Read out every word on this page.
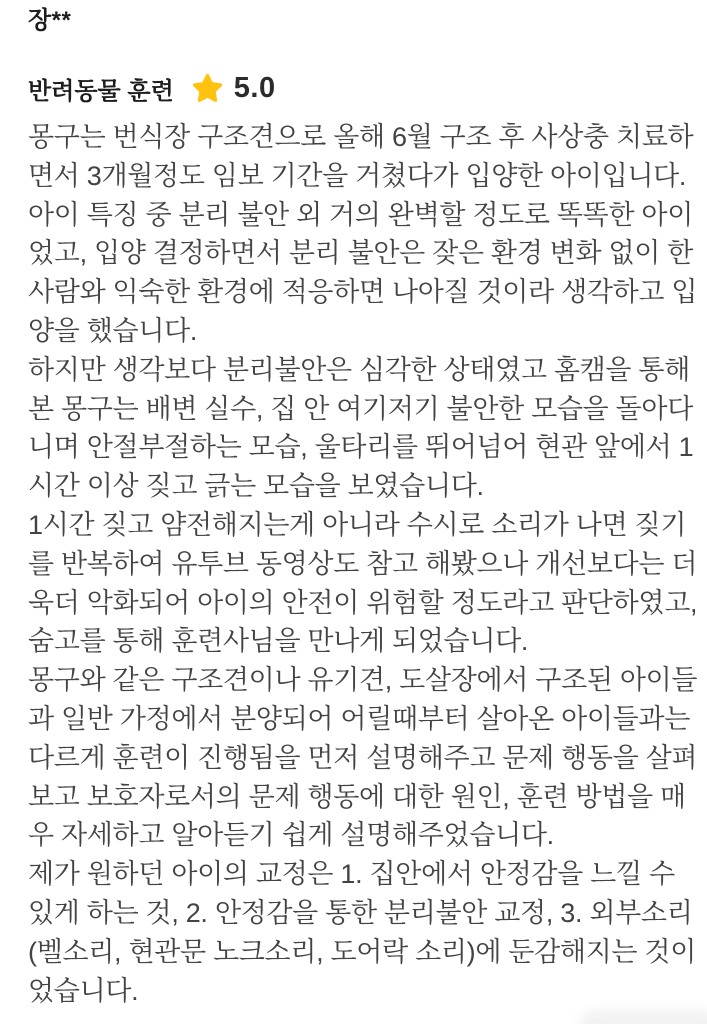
장**
반려동물 훈련 5.0
몽구는 번식장 구조견으로 올해 6월 구조 후 사상충 치료하
면서 3개월정도 임보 기간을 거쳤다가 입양한 아이입니다.
아이 특징 중 분리 불안 외 거의 완벽할 정도로 똑똑한 아이
었고, 입양 결정하면서 분리 불안은 잦은 환경 변화 없이 한
사람와 익숙한 환경에 적응하면 나아질 것이라 생각하고 입
양을 했습니다.
하지만 생각보다 분리불안은 심각한 상태였고 홈캠을 통해
본 몽구는 배변 실수, 집 안 여기저기 불안한 모습을 돌아다
니며 안절부절하는 모습, 울타리를 뛰어넘어 현관 앞에서 1
시간 이상 짖고 긁는 모습을 보였습니다.
1시간 짖고 얌전해지는게 아니라 수시로 소리가 나면 짖기
를 반복하여 유투브 동영상도 참고 해봤으나 개선보다는 더
욱더 악화되어 아이의 안전이 위험할 정도라고 판단하였고,
숨고를 통해 훈련사님을 만나게 되었습니다.
몽구와 같은 구조견이나 유기견, 도살장에서 구조된 아이들
과 일반 가정에서 분양되어 어릴때부터 살아온 아이들과는
다르게 훈련이 진행됨을 먼저 설명해주고 문제 행동을 살펴
보고 보호자로서의 문제 행동에 대한 원인, 훈련 방법을 매
우 자세하고 알아듣기 쉽게 설명해주었습니다.
제가 원하던 아이의 교정은 1. 집안에서 안정감을 느낄 수
있게 하는 것, 2. 안정감을 통한 분리불안 교정, 3. 외부소리
(벨소리, 현관문 노크소리, 도어락 소리)에 둔감해지는 것이
었습니다.
